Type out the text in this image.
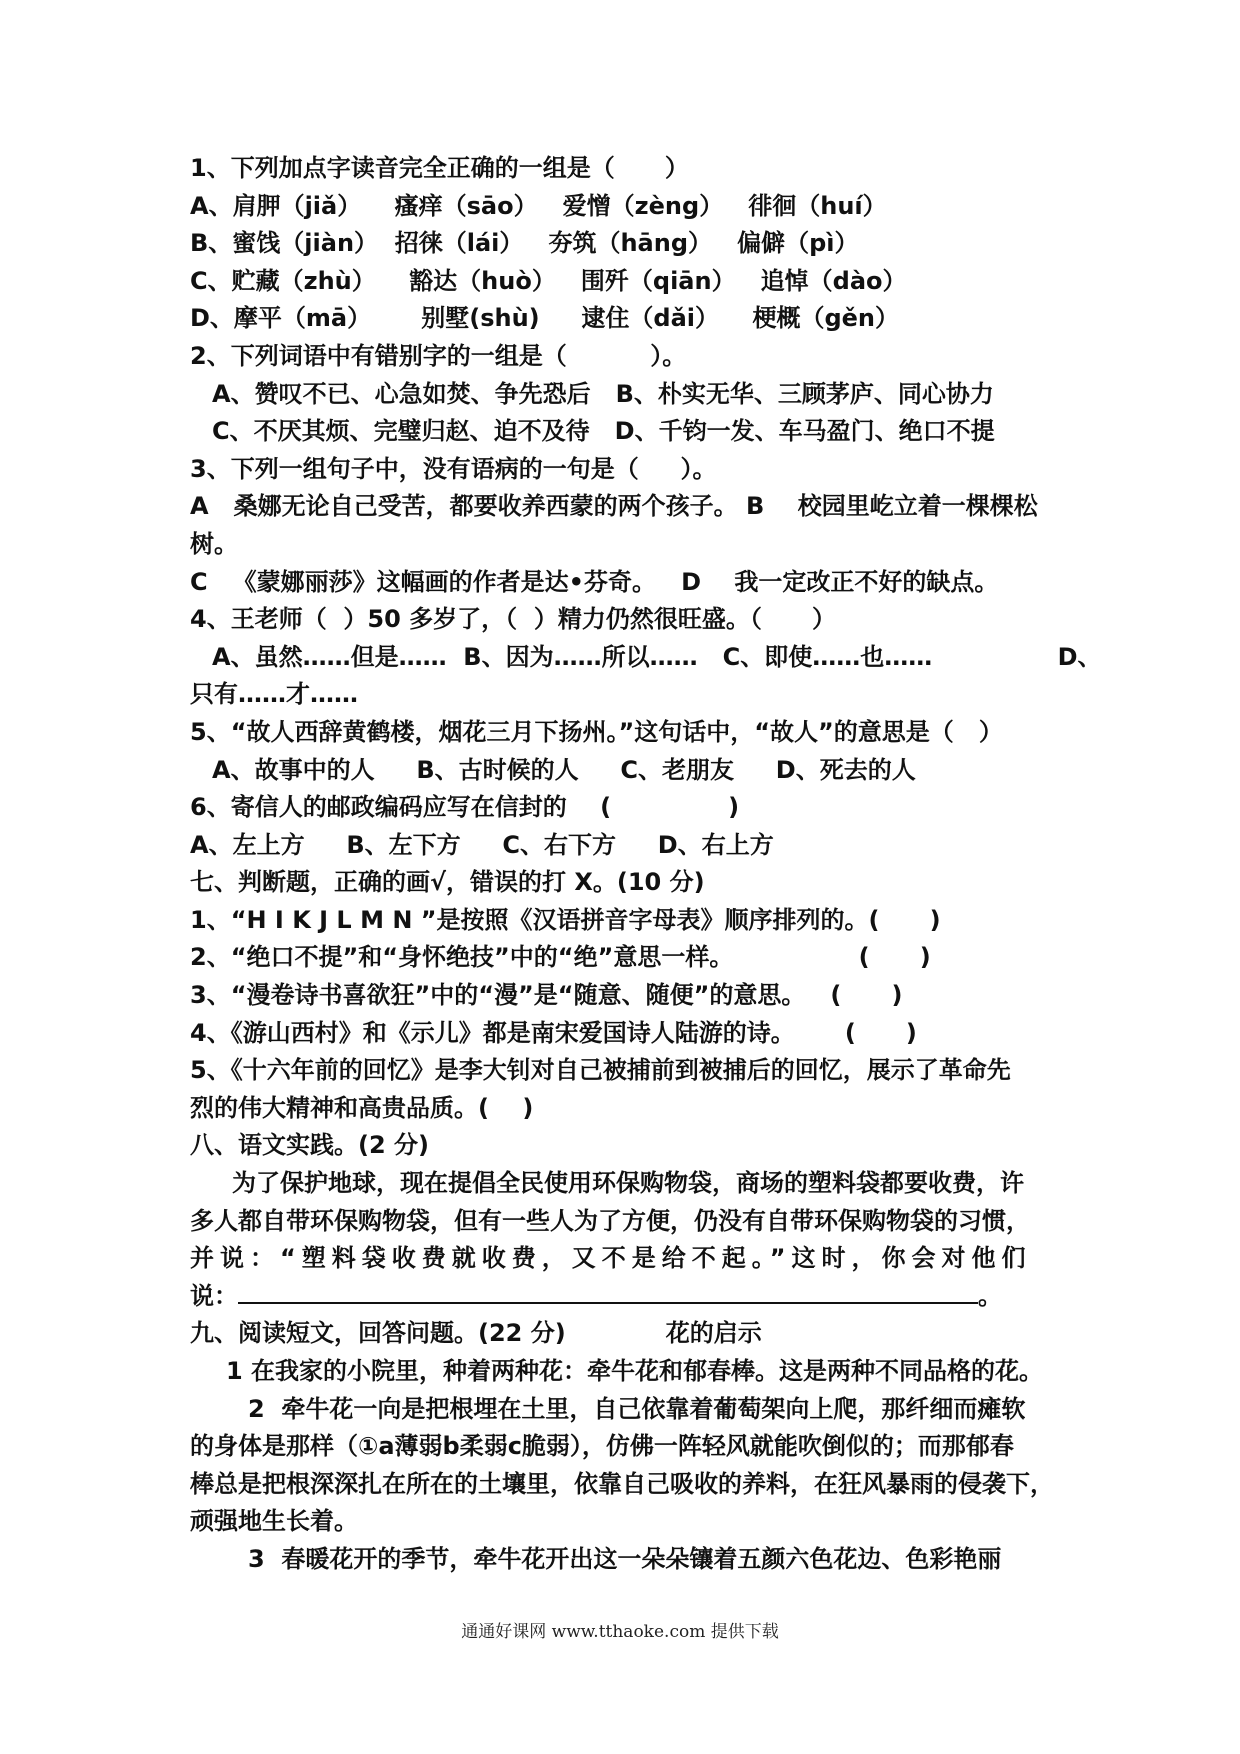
1、下列加点字读音完全正确的一组是（      ）
A、肩胛（jiǎ）    瘙痒（sāo）   爱憎（zèng）   徘徊（huí）
B、蜜饯（jiàn）  招徕（lái）   夯筑（hāng）   偏僻（pì）
C、贮藏（zhù）    豁达（huò）   围歼（qiān）   追悼（dào）
D、摩平（mā）      别墅(shù)     逮住（dǎi）    梗概（gěn）
2、下列词语中有错别字的一组是（          ）。
A、赞叹不已、心急如焚、争先恐后   B、朴实无华、三顾茅庐、同心协力
C、不厌其烦、完璧归赵、迫不及待   D、千钧一发、车马盈门、绝口不提
3、下列一组句子中，没有语病的一句是（     ）。
A   桑娜无论自己受苦，都要收养西蒙的两个孩子。 B    校园里屹立着一棵棵松
树。
C   《蒙娜丽莎》这幅画的作者是达•芬奇。   D    我一定改正不好的缺点。
4、王老师（  ）50 多岁了，（  ）精力仍然很旺盛。（      ）
A、虽然……但是……  B、因为……所以……   C、即使……也……               D、
只有……才……
5、“故人西辞黄鹤楼，烟花三月下扬州。”这句话中，“故人”的意思是（   ）
A、故事中的人     B、古时候的人     C、老朋友     D、死去的人
6、寄信人的邮政编码应写在信封的    (              )
A、左上方     B、左下方     C、右下方     D、右上方
七、判断题，正确的画√，错误的打 X。(10 分)
1、“H I K J L M N ”是按照《汉语拼音字母表》顺序排列的。(      )
2、“绝口不提”和“身怀绝技”中的“绝”意思一样。               (      )
3、“漫卷诗书喜欲狂”中的“漫”是“随意、随便”的意思。   (      )
4、《游山西村》和《示儿》都是南宋爱国诗人陆游的诗。      (      )
5、《十六年前的回忆》是李大钊对自己被捕前到被捕后的回忆，展示了革命先
烈的伟大精神和高贵品质。(    )
八、语文实践。(2 分)
为了保护地球，现在提倡全民使用环保购物袋，商场的塑料袋都要收费，许
多人都自带环保购物袋，但有一些人为了方便，仍没有自带环保购物袋的习惯，
并说：“塑料袋收费就收费，又不是给不起。”这时，你会对他们
说：	。
九、阅读短文，回答问题。(22 分)	花的启示
1 在我家的小院里，种着两种花：牵牛花和郁春棒。这是两种不同品格的花。
2  牵牛花一向是把根埋在土里，自己依靠着葡萄架向上爬，那纤细而瘫软
的身体是那样（①a薄弱b柔弱c脆弱），仿佛一阵轻风就能吹倒似的；而那郁春
棒总是把根深深扎在所在的土壤里，依靠自己吸收的养料，在狂风暴雨的侵袭下，
顽强地生长着。
3  春暖花开的季节，牵牛花开出这一朵朵镶着五颜六色花边、色彩艳丽
通通好课网 www.tthaoke.com 提供下载
